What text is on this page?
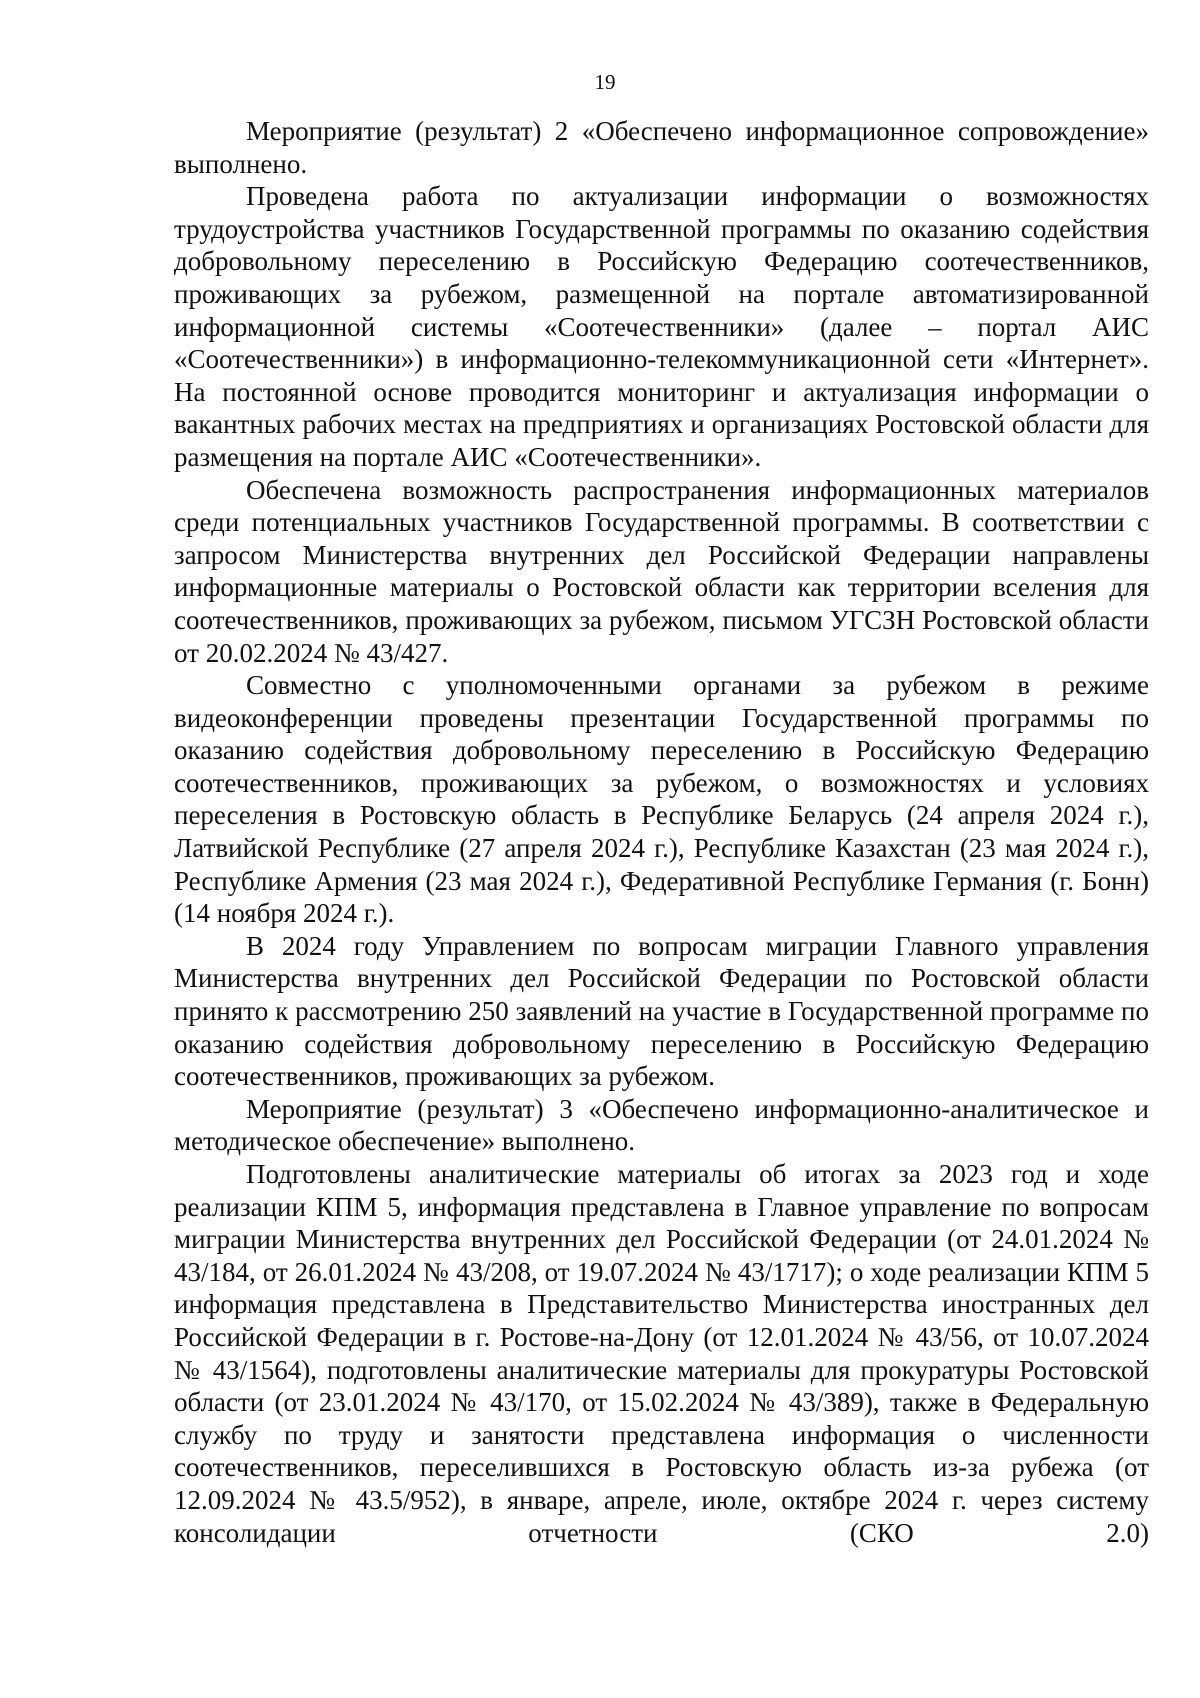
19

Мероприятие (результат) 2 «Обеспечено информационное сопровождение» выполнено.

Проведена работа по актуализации информации о возможностях трудоустройства участников Государственной программы по оказанию содействия добровольному переселению в Российскую Федерацию соотечественников, проживающих за рубежом, размещенной на портале автоматизированной информационной системы «Соотечественники» (далее – портал АИС «Соотечественники») в информационно-телекоммуникационной сети «Интернет». На постоянной основе проводится мониторинг и актуализация информации о вакантных рабочих местах на предприятиях и организациях Ростовской области для размещения на портале АИС «Соотечественники».

Обеспечена возможность распространения информационных материалов среди потенциальных участников Государственной программы. В соответствии с запросом Министерства внутренних дел Российской Федерации направлены информационные материалы о Ростовской области как территории вселения для соотечественников, проживающих за рубежом, письмом УГСЗН Ростовской области от 20.02.2024 № 43/427.

Совместно с уполномоченными органами за рубежом в режиме видеоконференции проведены презентации Государственной программы по оказанию содействия добровольному переселению в Российскую Федерацию соотечественников, проживающих за рубежом, о возможностях и условиях переселения в Ростовскую область в Республике Беларусь (24 апреля 2024 г.), Латвийской Республике (27 апреля 2024 г.), Республике Казахстан (23 мая 2024 г.), Республике Армения (23 мая 2024 г.), Федеративной Республике Германия (г. Бонн) (14 ноября 2024 г.).

В 2024 году Управлением по вопросам миграции Главного управления Министерства внутренних дел Российской Федерации по Ростовской области принято к рассмотрению 250 заявлений на участие в Государственной программе по оказанию содействия добровольному переселению в Российскую Федерацию соотечественников, проживающих за рубежом.

Мероприятие (результат) 3 «Обеспечено информационно-аналитическое и методическое обеспечение» выполнено.

Подготовлены аналитические материалы об итогах за 2023 год и ходе реализации КПМ 5, информация представлена в Главное управление по вопросам миграции Министерства внутренних дел Российской Федерации (от 24.01.2024 № 43/184, от 26.01.2024 № 43/208, от 19.07.2024 № 43/1717); о ходе реализации КПМ 5 информация представлена в Представительство Министерства иностранных дел Российской Федерации в г. Ростове-на-Дону (от 12.01.2024 № 43/56, от 10.07.2024 № 43/1564), подготовлены аналитические материалы для прокуратуры Ростовской области (от 23.01.2024 № 43/170, от 15.02.2024 № 43/389), также в Федеральную службу по труду и занятости представлена информация о численности соотечественников, переселившихся в Ростовскую область из-за рубежа (от 12.09.2024 № 43.5/952), в январе, апреле, июле, октябре 2024 г. через систему консолидации отчетности (СКО 2.0)
